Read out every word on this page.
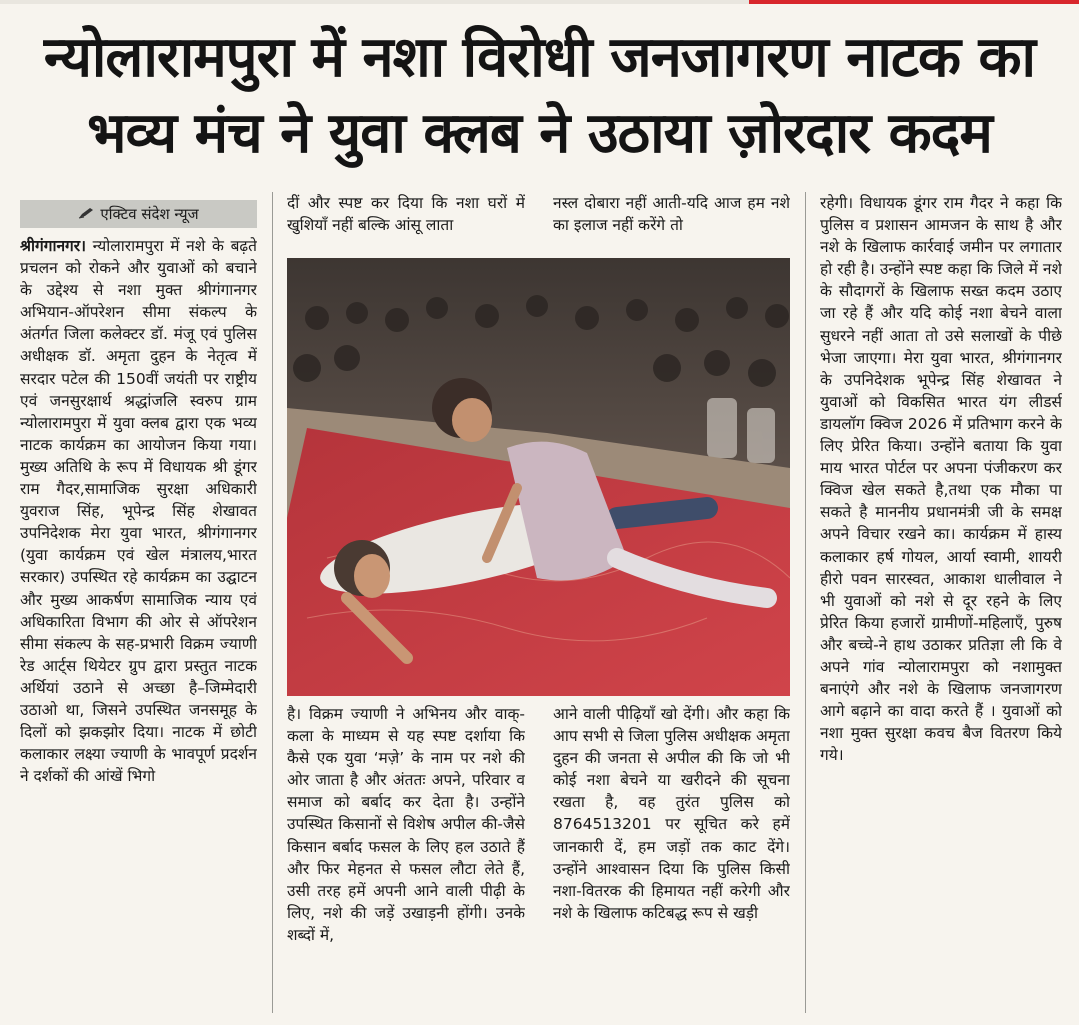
न्योलारामपुरा में नशा विरोधी जनजागरण नाटक का
भव्य मंच ने युवा क्लब ने उठाया ज़ोरदार कदम
एक्टिव संदेश न्यूज

श्रीगंगानगर। न्योलारामपुरा में नशे के बढ़ते प्रचलन को रोकने और युवाओं को बचाने के उद्देश्य से नशा मुक्त श्रीगंगानगर अभियान-ऑपरेशन सीमा संकल्प के अंतर्गत जिला कलेक्टर डॉ. मंजू एवं पुलिस अधीक्षक डॉ. अमृता दुहन के नेतृत्व में सरदार पटेल की 150वीं जयंती पर राष्ट्रीय एवं जनसुरक्षार्थ श्रद्धांजलि स्वरुप ग्राम न्योलारामपुरा में युवा क्लब द्वारा एक भव्य नाटक कार्यक्रम का आयोजन किया गया। मुख्य अतिथि के रूप में विधायक श्री डूंगर राम गैदर,सामाजिक सुरक्षा अधिकारी युवराज सिंह, भूपेन्द्र सिंह शेखावत उपनिदेशक मेरा युवा भारत, श्रीगंगानगर (युवा कार्यक्रम एवं खेल मंत्रालय,भारत सरकार) उपस्थित रहे कार्यक्रम का उद्घाटन और मुख्य आकर्षण सामाजिक न्याय एवं अधिकारिता विभाग की ओर से ऑपरेशन सीमा संकल्प के सह-प्रभारी विक्रम ज्याणी रेड आर्ट्स थियेटर ग्रुप द्वारा प्रस्तुत नाटक अर्थियां उठाने से अच्छा है–जिम्मेदारी उठाओ था, जिसने उपस्थित जनसमूह के दिलों को झकझोर दिया। नाटक में छोटी कलाकार लक्ष्या ज्याणी के भावपूर्ण प्रदर्शन ने दर्शकों की आंखें भिगो

दीं और स्पष्ट कर दिया कि नशा घरों में खुशियाँ नहीं बल्कि आंसू लाता

नस्ल दोबारा नहीं आती-यदि आज हम नशे का इलाज नहीं करेंगे तो

है। विक्रम ज्याणी ने अभिनय और वाक्-कला के माध्यम से यह स्पष्ट दर्शाया कि कैसे एक युवा ‘मज़े’ के नाम पर नशे की ओर जाता है और अंततः अपने, परिवार व समाज को बर्बाद कर देता है। उन्होंने उपस्थित किसानों से विशेष अपील की-जैसे किसान बर्बाद फसल के लिए हल उठाते हैं और फिर मेहनत से फसल लौटा लेते हैं, उसी तरह हमें अपनी आने वाली पीढ़ी के लिए, नशे की जड़ें उखाड़नी होंगी। उनके शब्दों में,

आने वाली पीढ़ियाँ खो देंगी। और कहा कि आप सभी से जिला पुलिस अधीक्षक अमृता दुहन की जनता से अपील की कि जो भी कोई नशा बेचने या खरीदने की सूचना रखता है, वह तुरंत पुलिस को 8764513201 पर सूचित करे हमें जानकारी दें, हम जड़ों तक काट देंगे। उन्होंने आश्वासन दिया कि पुलिस किसी नशा-वितरक की हिमायत नहीं करेगी और नशे के खिलाफ कटिबद्ध रूप से खड़ी

रहेगी। विधायक डूंगर राम गैदर ने कहा कि पुलिस व प्रशासन आमजन के साथ है और नशे के खिलाफ कार्रवाई जमीन पर लगातार हो रही है। उन्होंने स्पष्ट कहा कि जिले में नशे के सौदागरों के खिलाफ सख्त कदम उठाए जा रहे हैं और यदि कोई नशा बेचने वाला सुधरने नहीं आता तो उसे सलाखों के पीछे भेजा जाएगा। मेरा युवा भारत, श्रीगंगानगर के उपनिदेशक भूपेन्द्र सिंह शेखावत ने युवाओं को विकसित भारत यंग लीडर्स डायलॉग क्विज 2026 में प्रतिभाग करने के लिए प्रेरित किया। उन्होंने बताया कि युवा माय भारत पोर्टल पर अपना पंजीकरण कर क्विज खेल सकते है,तथा एक मौका पा सकते है माननीय प्रधानमंत्री जी के समक्ष अपने विचार रखने का। कार्यक्रम में हास्य कलाकार हर्ष गोयल, आर्या स्वामी, शायरी हीरो पवन सारस्वत, आकाश धालीवाल ने भी युवाओं को नशे से दूर रहने के लिए प्रेरित किया हजारों ग्रामीणों-महिलाएँ, पुरुष और बच्चे-ने हाथ उठाकर प्रतिज्ञा ली कि वे अपने गांव न्योलारामपुरा को नशामुक्त बनाएंगे और नशे के खिलाफ जनजागरण आगे बढ़ाने का वादा करते हैं । युवाओं को नशा मुक्त सुरक्षा कवच बैज वितरण किये गये।
